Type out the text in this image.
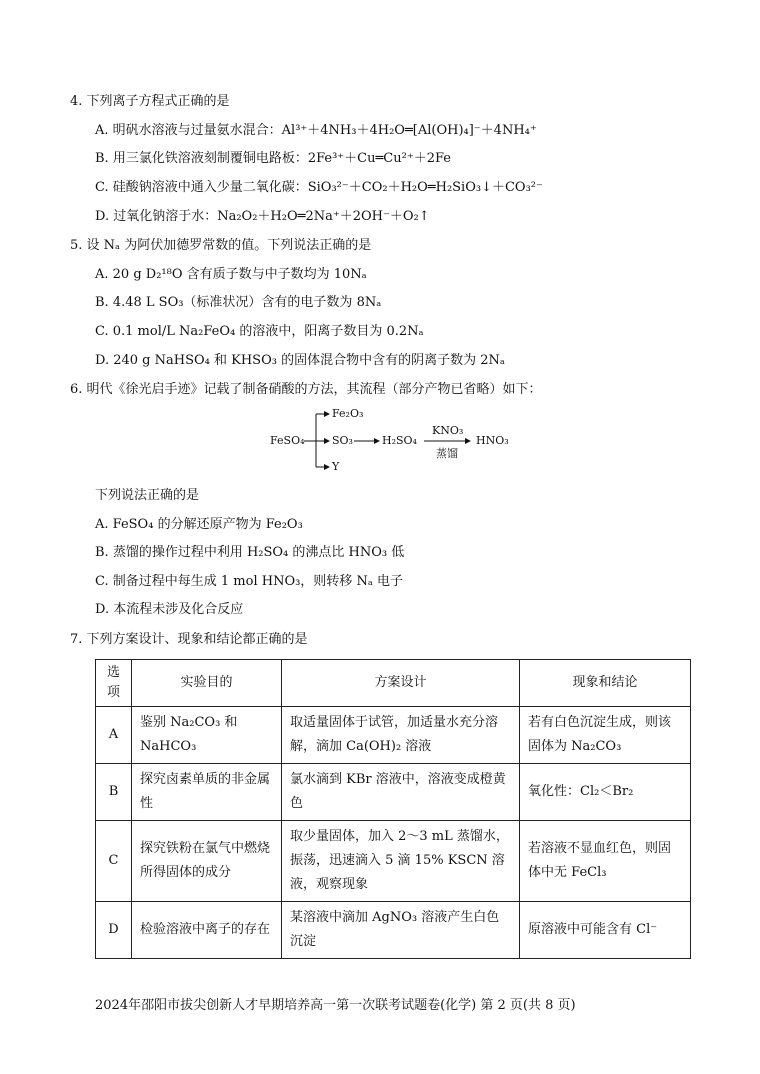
4. 下列离子方程式正确的是
A. 明矾水溶液与过量氨水混合：Al³⁺＋4NH₃＋4H₂O═[Al(OH)₄]⁻＋4NH₄⁺
B. 用三氯化铁溶液刻制覆铜电路板：2Fe³⁺＋Cu═Cu²⁺＋2Fe
C. 硅酸钠溶液中通入少量二氧化碳：SiO₃²⁻＋CO₂＋H₂O═H₂SiO₃↓＋CO₃²⁻
D. 过氧化钠溶于水：Na₂O₂＋H₂O═2Na⁺＋2OH⁻＋O₂↑
5. 设 Nₐ 为阿伏加德罗常数的值。下列说法正确的是
A. 20 g D₂¹⁸O 含有质子数与中子数均为 10Nₐ
B. 4.48 L SO₃（标准状况）含有的电子数为 8Nₐ
C. 0.1 mol/L Na₂FeO₄ 的溶液中，阳离子数目为 0.2Nₐ
D. 240 g NaHSO₄ 和 KHSO₃ 的固体混合物中含有的阴离子数为 2Nₐ
6. 明代《徐光启手迹》记载了制备硝酸的方法，其流程（部分产物已省略）如下：
FeSO₄
Fe₂O₃
SO₃	H₂SO₄
KNO₃
蒸馏
HNO₃
Y
下列说法正确的是
A. FeSO₄ 的分解还原产物为 Fe₂O₃
B. 蒸馏的操作过程中利用 H₂SO₄ 的沸点比 HNO₃ 低
C. 制备过程中每生成 1 mol HNO₃，则转移 Nₐ 电子
D. 本流程未涉及化合反应
7. 下列方案设计、现象和结论都正确的是
选项	实验目的	方案设计	现象和结论
A	鉴别 Na₂CO₃ 和 NaHCO₃	取适量固体于试管，加适量水充分溶解，滴加 Ca(OH)₂ 溶液	若有白色沉淀生成，则该固体为 Na₂CO₃
B	探究卤素单质的非金属性	氯水滴到 KBr 溶液中，溶液变成橙黄色	氧化性：Cl₂＜Br₂
C	探究铁粉在氯气中燃烧所得固体的成分	取少量固体，加入 2～3 mL 蒸馏水，振荡，迅速滴入 5 滴 15% KSCN 溶液，观察现象	若溶液不显血红色，则固体中无 FeCl₃
D	检验溶液中离子的存在	某溶液中滴加 AgNO₃ 溶液产生白色沉淀	原溶液中可能含有 Cl⁻
2024年邵阳市拔尖创新人才早期培养高一第一次联考试题卷(化学) 第 2 页(共 8 页)
